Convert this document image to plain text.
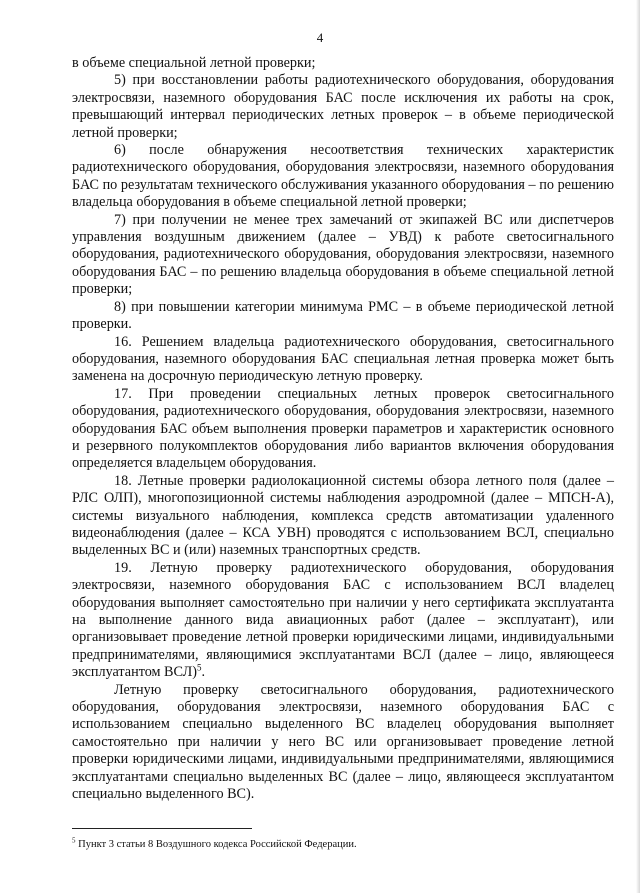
4

в объеме специальной летной проверки;

5) при восстановлении работы радиотехнического оборудования, оборудования электросвязи, наземного оборудования БАС после исключения их работы на срок, превышающий интервал периодических летных проверок – в объеме периодической летной проверки;

6) после обнаружения несоответствия технических характеристик радиотехнического оборудования, оборудования электросвязи, наземного оборудования БАС по результатам технического обслуживания указанного оборудования – по решению владельца оборудования в объеме специальной летной проверки;

7) при получении не менее трех замечаний от экипажей ВС или диспетчеров управления воздушным движением (далее – УВД) к работе светосигнального оборудования, радиотехнического оборудования, оборудования электросвязи, наземного оборудования БАС – по решению владельца оборудования в объеме специальной летной проверки;

8) при повышении категории минимума РМС – в объеме периодической летной проверки.

16. Решением владельца радиотехнического оборудования, светосигнального оборудования, наземного оборудования БАС специальная летная проверка может быть заменена на досрочную периодическую летную проверку.

17. При проведении специальных летных проверок светосигнального оборудования, радиотехнического оборудования, оборудования электросвязи, наземного оборудования БАС объем выполнения проверки параметров и характеристик основного и резервного полукомплектов оборудования либо вариантов включения оборудования определяется владельцем оборудования.

18. Летные проверки радиолокационной системы обзора летного поля (далее – РЛС ОЛП), многопозиционной системы наблюдения аэродромной (далее – МПСН-А), системы визуального наблюдения, комплекса средств автоматизации удаленного видеонаблюдения (далее – КСА УВН) проводятся с использованием ВСЛ, специально выделенных ВС и (или) наземных транспортных средств.

19. Летную проверку радиотехнического оборудования, оборудования электросвязи, наземного оборудования БАС с использованием ВСЛ владелец оборудования выполняет самостоятельно при наличии у него сертификата эксплуатанта на выполнение данного вида авиационных работ (далее – эксплуатант), или организовывает проведение летной проверки юридическими лицами, индивидуальными предпринимателями, являющимися эксплуатантами ВСЛ (далее – лицо, являющееся эксплуатантом ВСЛ)$^5$.

Летную проверку светосигнального оборудования, радиотехнического оборудования, оборудования электросвязи, наземного оборудования БАС с использованием специально выделенного ВС владелец оборудования выполняет самостоятельно при наличии у него ВС или организовывает проведение летной проверки юридическими лицами, индивидуальными предпринимателями, являющимися эксплуатантами специально выделенных ВС (далее – лицо, являющееся эксплуатантом специально выделенного ВС).

$^5$ Пункт 3 статьи 8 Воздушного кодекса Российской Федерации.
